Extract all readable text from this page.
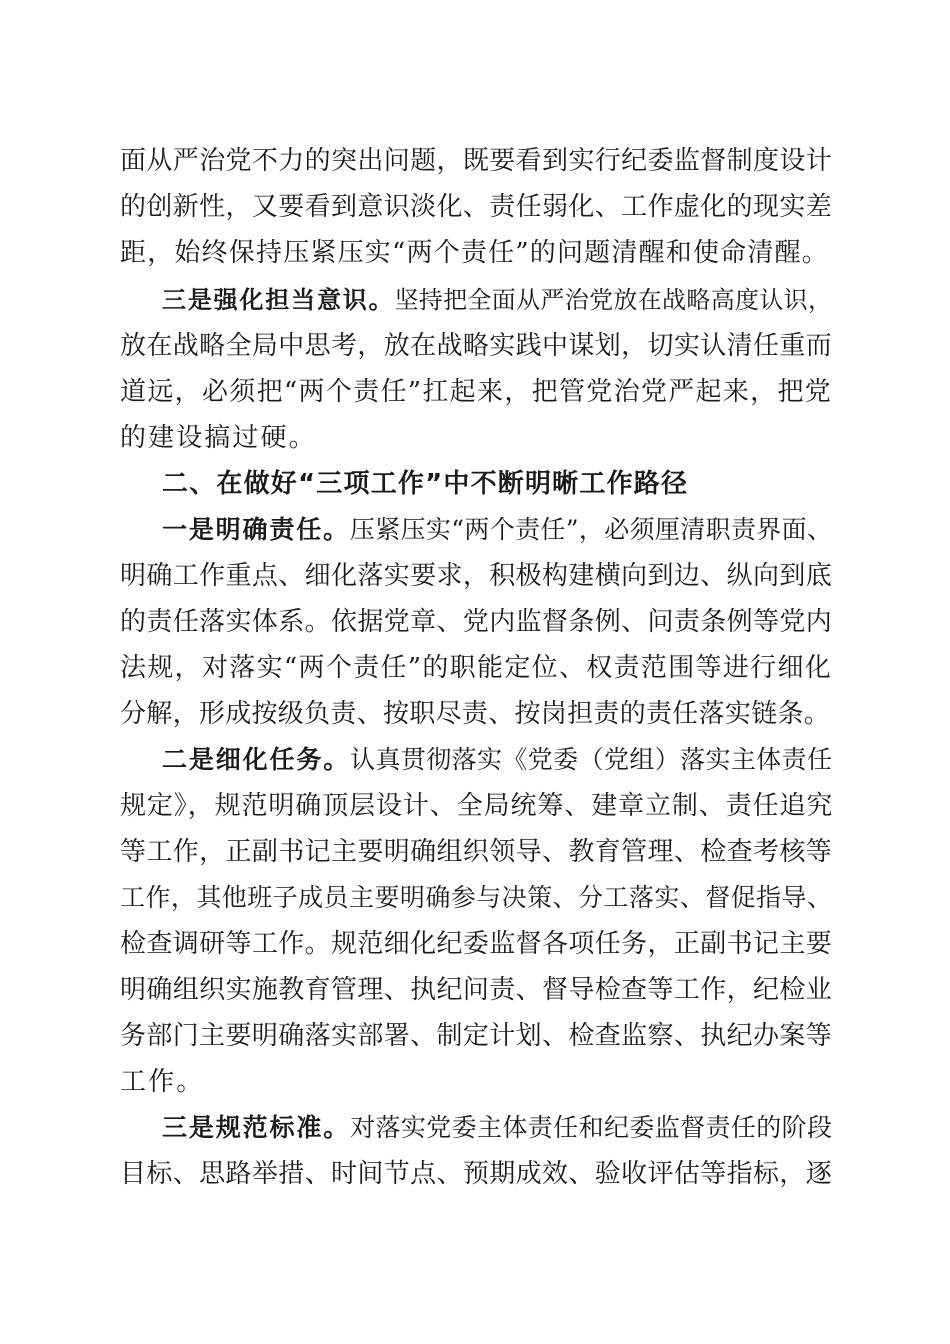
面从严治党不力的突出问题，既要看到实行纪委监督制度设计
的创新性，又要看到意识淡化、责任弱化、工作虚化的现实差
距，始终保持压紧压实“两个责任”的问题清醒和使命清醒。
三是强化担当意识。坚持把全面从严治党放在战略高度认识，
放在战略全局中思考，放在战略实践中谋划，切实认清任重而
道远，必须把“两个责任”扛起来，把管党治党严起来，把党
的建设搞过硬。
二、在做好“三项工作”中不断明晰工作路径
一是明确责任。压紧压实“两个责任”，必须厘清职责界面、
明确工作重点、细化落实要求，积极构建横向到边、纵向到底
的责任落实体系。依据党章、党内监督条例、问责条例等党内
法规，对落实“两个责任”的职能定位、权责范围等进行细化
分解，形成按级负责、按职尽责、按岗担责的责任落实链条。
二是细化任务。认真贯彻落实《党委（党组）落实主体责任
规定》，规范明确顶层设计、全局统筹、建章立制、责任追究
等工作，正副书记主要明确组织领导、教育管理、检查考核等
工作，其他班子成员主要明确参与决策、分工落实、督促指导、
检查调研等工作。规范细化纪委监督各项任务，正副书记主要
明确组织实施教育管理、执纪问责、督导检查等工作，纪检业
务部门主要明确落实部署、制定计划、检查监察、执纪办案等
工作。
三是规范标准。对落实党委主体责任和纪委监督责任的阶段
目标、思路举措、时间节点、预期成效、验收评估等指标，逐
